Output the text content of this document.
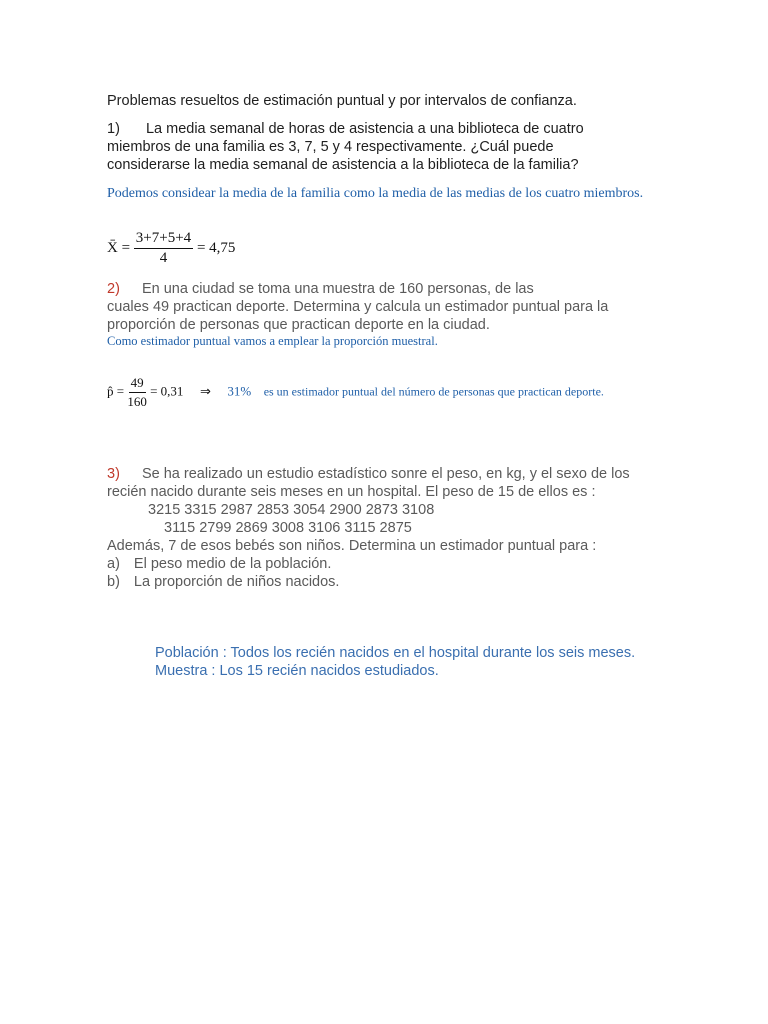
Problemas resueltos de estimación puntual y por intervalos de confianza.
1) La media semanal de horas de asistencia a una biblioteca de cuatro
miembros de una familia es 3, 7, 5 y 4 respectivamente. ¿Cuál puede
considerarse la media semanal de asistencia a la biblioteca de la familia?
Podemos considear la media de la familia como la media de las medias de los cuatro miembros.
X̄ = $\frac{3+7+5+4}{4} = 4,75$
2) En una ciudad se toma una muestra de 160 personas, de las
cuales 49 practican deporte. Determina y calcula un estimador puntual para la
proporción de personas que practican deporte en la ciudad.
Como estimador puntual vamos a emplear la proporción muestral.
p̂ = $\frac{49}{160} = 0,31$ ⇒ 31% es un estimador puntual del número de personas que practican deporte.
3) Se ha realizado un estudio estadístico sonre el peso, en kg, y el sexo de los
recién nacido durante seis meses en un hospital. El peso de 15 de ellos es :
3215 3315 2987 2853 3054 2900 2873 3108
3115 2799 2869 3008 3106 3115 2875
Además, 7 de esos bebés son niños. Determina un estimador puntual para :
a) El peso medio de la población.
b) La proporción de niños nacidos.
Población : Todos los recién nacidos en el hospital durante los seis meses.
Muestra : Los 15 recién nacidos estudiados.
